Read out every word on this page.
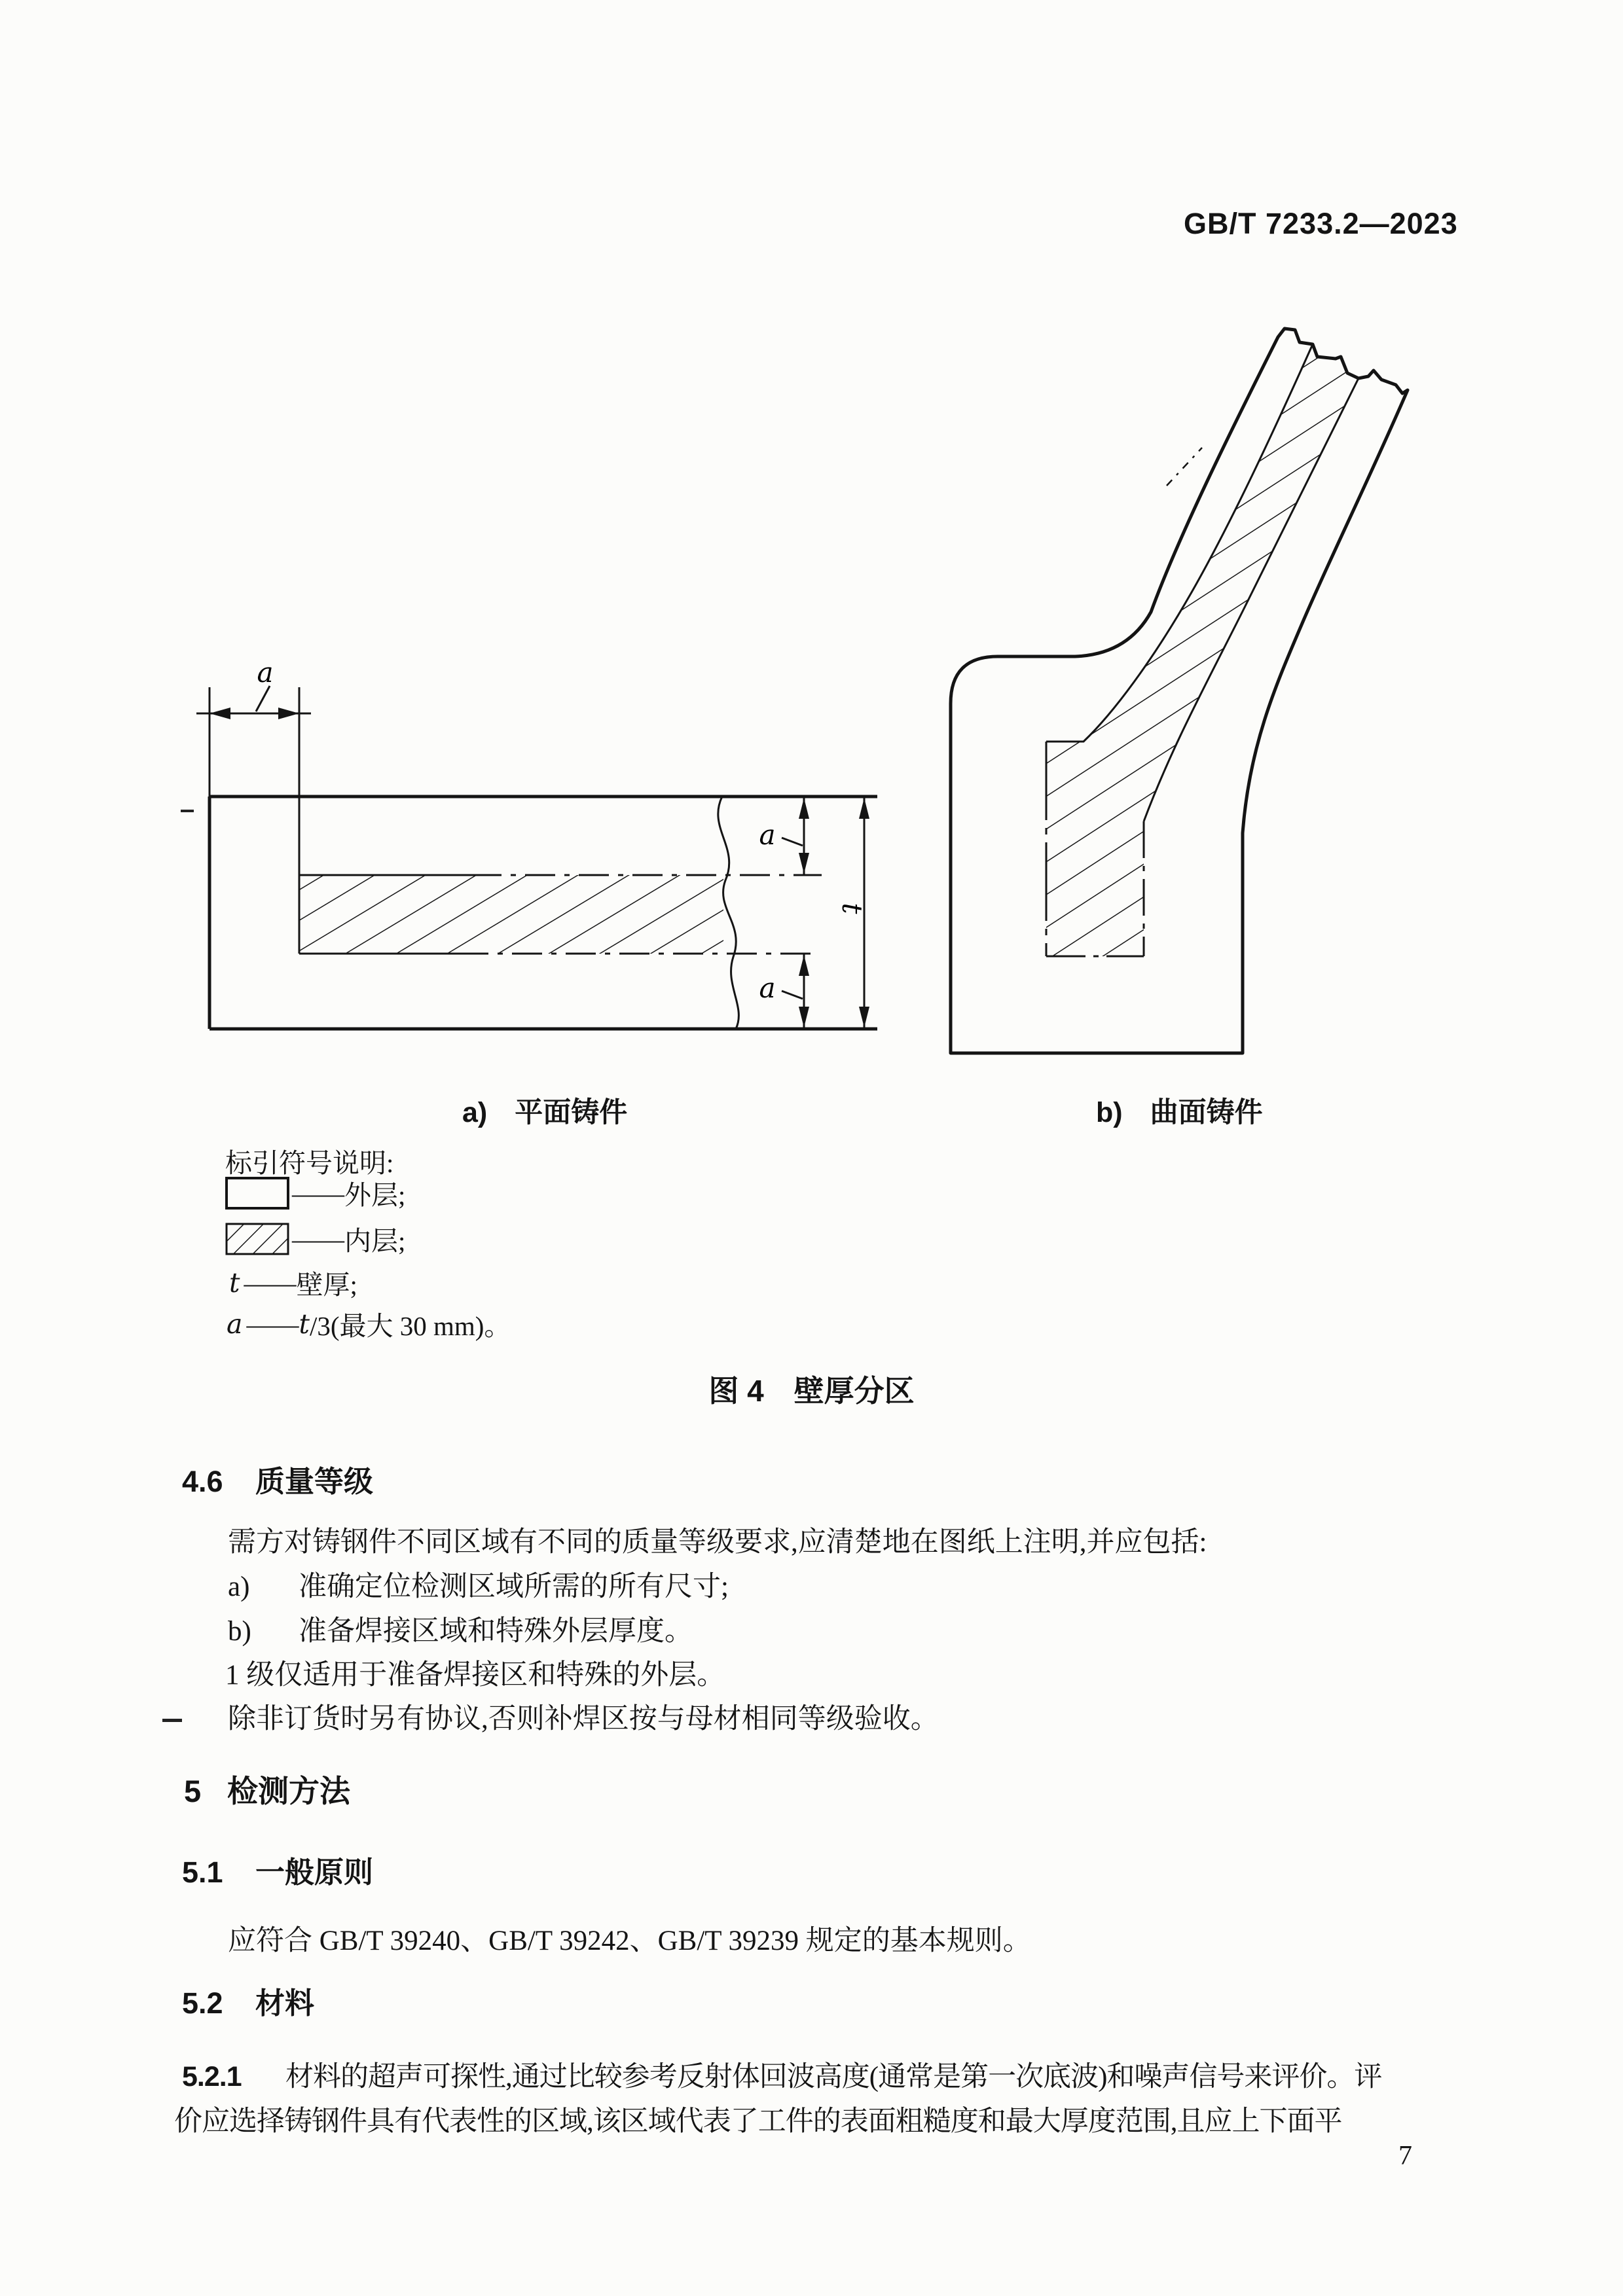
GB/T 7233.2—2023
a
a
a
t
a) 平面铸件	b) 曲面铸件
标引符号说明:
—— 外层;
—— 内层;
t —— 壁厚;
a —— t /3(最大 30 mm)。
图 4　壁厚分区
4.6 质量等级
需方对铸钢件不同区域有不同的质量等级要求,应清楚地在图纸上注明,并应包括:
a) 准确定位检测区域所需的所有尺寸;
b) 准备焊接区域和特殊外层厚度。
1 级仅适用于准备焊接区和特殊的外层。
除非订货时另有协议,否则补焊区按与母材相同等级验收。
5 检测方法
5.1 一般原则
应符合 GB/T 39240、GB/T 39242、GB/T 39239 规定的基本规则。
5.2 材料
5.2.1 材料的超声可探性,通过比较参考反射体回波高度(通常是第一次底波)和噪声信号来评价。评
价应选择铸钢件具有代表性的区域,该区域代表了工件的表面粗糙度和最大厚度范围,且应上下面平
7
